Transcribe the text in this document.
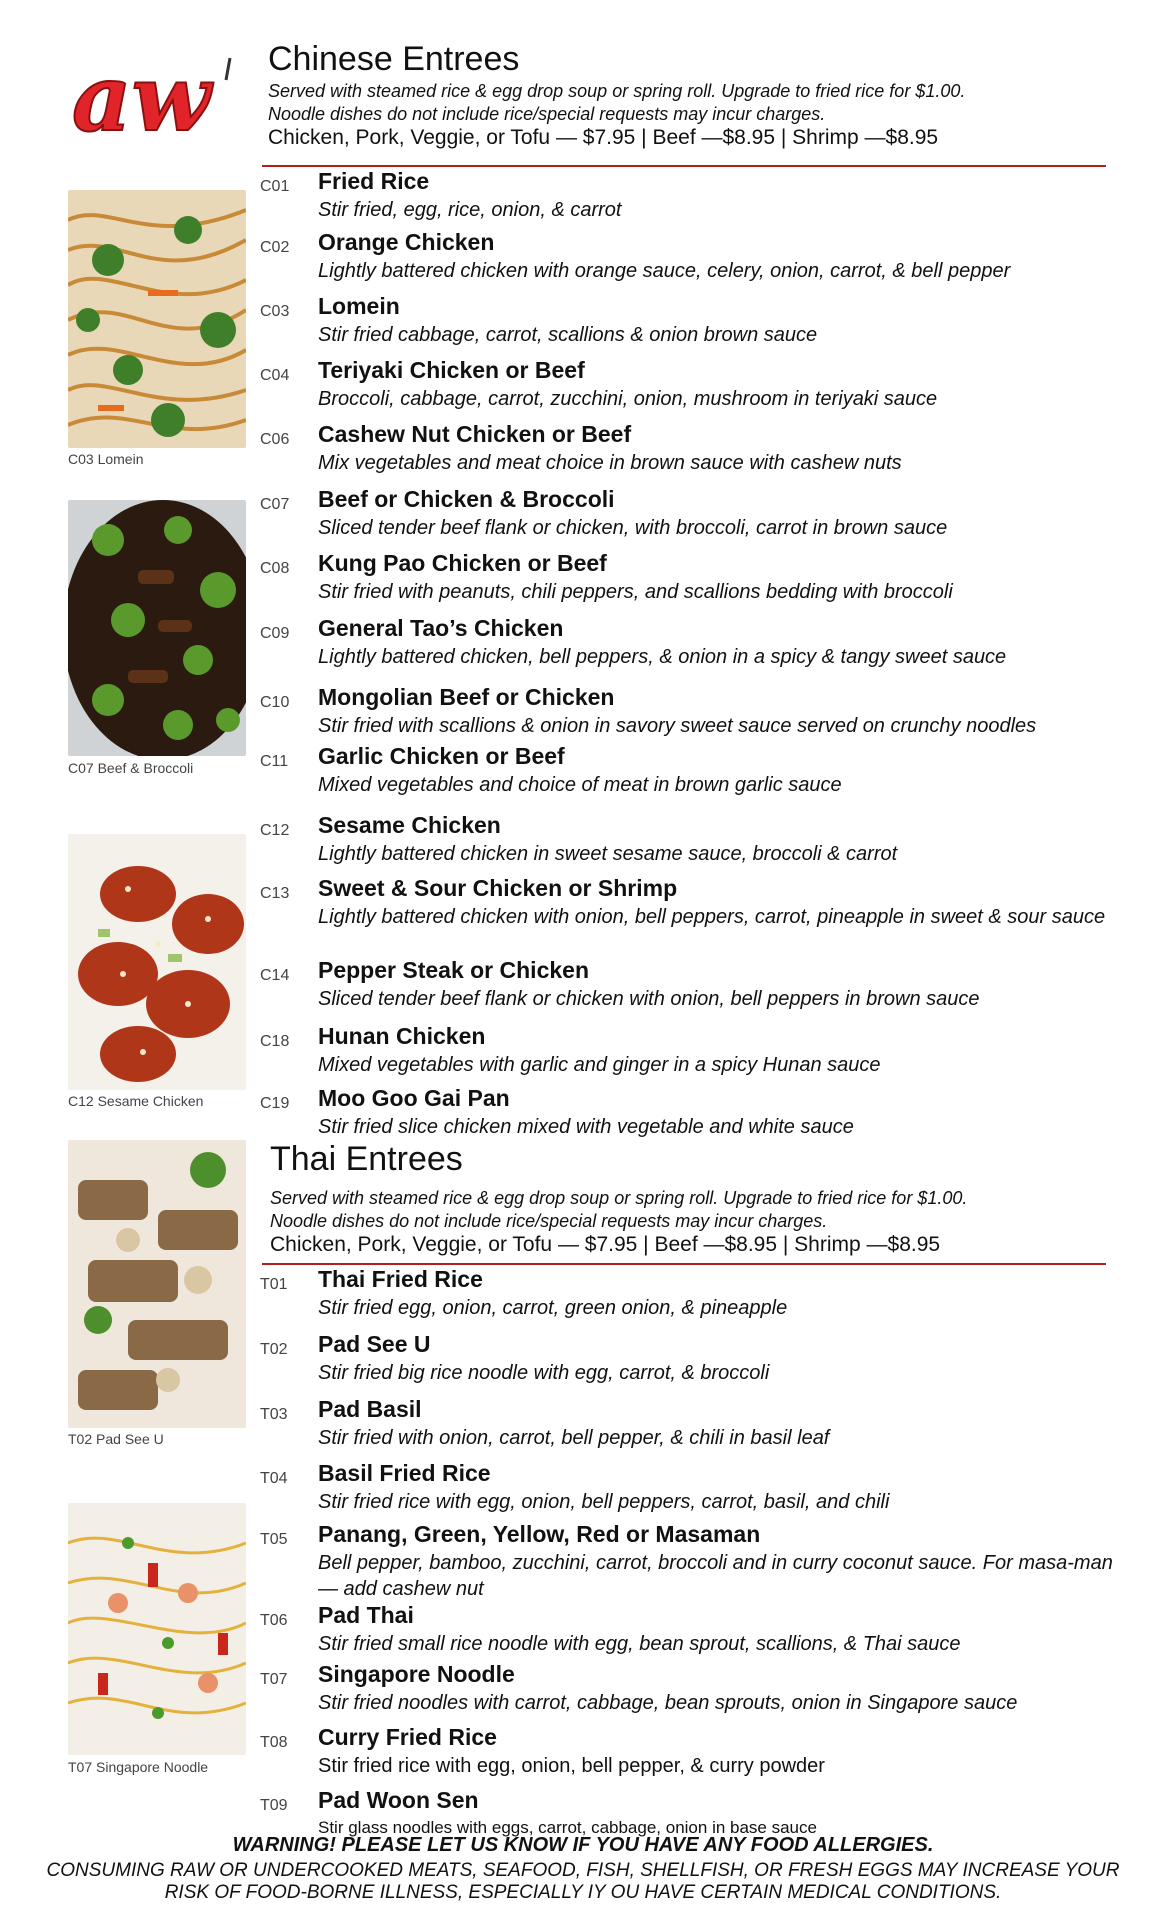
aw Chinese Entrees
Served with steamed rice & egg drop soup or spring roll. Upgrade to fried rice for $1.00.
Noodle dishes do not include rice/special requests may incur charges.
Chicken, Pork, Veggie, or Tofu — $7.95 | Beef —$8.95 | Shrimp —$8.95
C01 Fried Rice
Stir fried, egg, rice, onion, & carrot
C02 Orange Chicken
Lightly battered chicken with orange sauce, celery, onion, carrot, & bell pepper
C03 Lomein
Stir fried cabbage, carrot, scallions & onion brown sauce
C04 Teriyaki Chicken or Beef
Broccoli, cabbage, carrot, zucchini, onion, mushroom in teriyaki sauce
C06 Cashew Nut Chicken or Beef
Mix vegetables and meat choice in brown sauce with cashew nuts
C07 Beef or Chicken & Broccoli
Sliced tender beef flank or chicken, with broccoli, carrot in brown sauce
C08 Kung Pao Chicken or Beef
Stir fried with peanuts, chili peppers, and scallions bedding with broccoli
C09 General Tao’s Chicken
Lightly battered chicken, bell peppers, & onion in a spicy & tangy sweet sauce
C10 Mongolian Beef or Chicken
Stir fried with scallions & onion in savory sweet sauce served on crunchy noodles
C11 Garlic Chicken or Beef
Mixed vegetables and choice of meat in brown garlic sauce
C12 Sesame Chicken
Lightly battered chicken in sweet sesame sauce, broccoli & carrot
C13 Sweet & Sour Chicken or Shrimp
Lightly battered chicken with onion, bell peppers, carrot, pineapple in sweet & sour sauce
C14 Pepper Steak or Chicken
Sliced tender beef flank or chicken with onion, bell peppers in brown sauce
C18 Hunan Chicken
Mixed vegetables with garlic and ginger in a spicy Hunan sauce
C19 Moo Goo Gai Pan
Stir fried slice chicken mixed with vegetable and white sauce
Thai Entrees
Served with steamed rice & egg drop soup or spring roll. Upgrade to fried rice for $1.00.
Noodle dishes do not include rice/special requests may incur charges.
Chicken, Pork, Veggie, or Tofu — $7.95 | Beef —$8.95 | Shrimp —$8.95
T01 Thai Fried Rice
Stir fried egg, onion, carrot, green onion, & pineapple
T02 Pad See U
Stir fried big rice noodle with egg, carrot, & broccoli
T03 Pad Basil
Stir fried with onion, carrot, bell pepper, & chili in basil leaf
T04 Basil Fried Rice
Stir fried rice with egg, onion, bell peppers, carrot, basil, and chili
T05 Panang, Green, Yellow, Red or Masaman
Bell pepper, bamboo, zucchini, carrot, broccoli and in curry coconut sauce. For masa-man — add cashew nut
T06 Pad Thai
Stir fried small rice noodle with egg, bean sprout, scallions, & Thai sauce
T07 Singapore Noodle
Stir fried noodles with carrot, cabbage, bean sprouts, onion in Singapore sauce
T08 Curry Fried Rice
Stir fried rice with egg, onion, bell pepper, & curry powder
T09 Pad Woon Sen
Stir glass noodles with eggs, carrot, cabbage, onion in base sauce
C03 Lomein
C07 Beef & Broccoli
C12 Sesame Chicken
T02 Pad See U
T07 Singapore Noodle
WARNING! PLEASE LET US KNOW IF YOU HAVE ANY FOOD ALLERGIES.
CONSUMING RAW OR UNDERCOOKED MEATS, SEAFOOD, FISH, SHELLFISH, OR FRESH EGGS MAY INCREASE YOUR
RISK OF FOOD-BORNE ILLNESS, ESPECIALLY IY OU HAVE CERTAIN MEDICAL CONDITIONS.
